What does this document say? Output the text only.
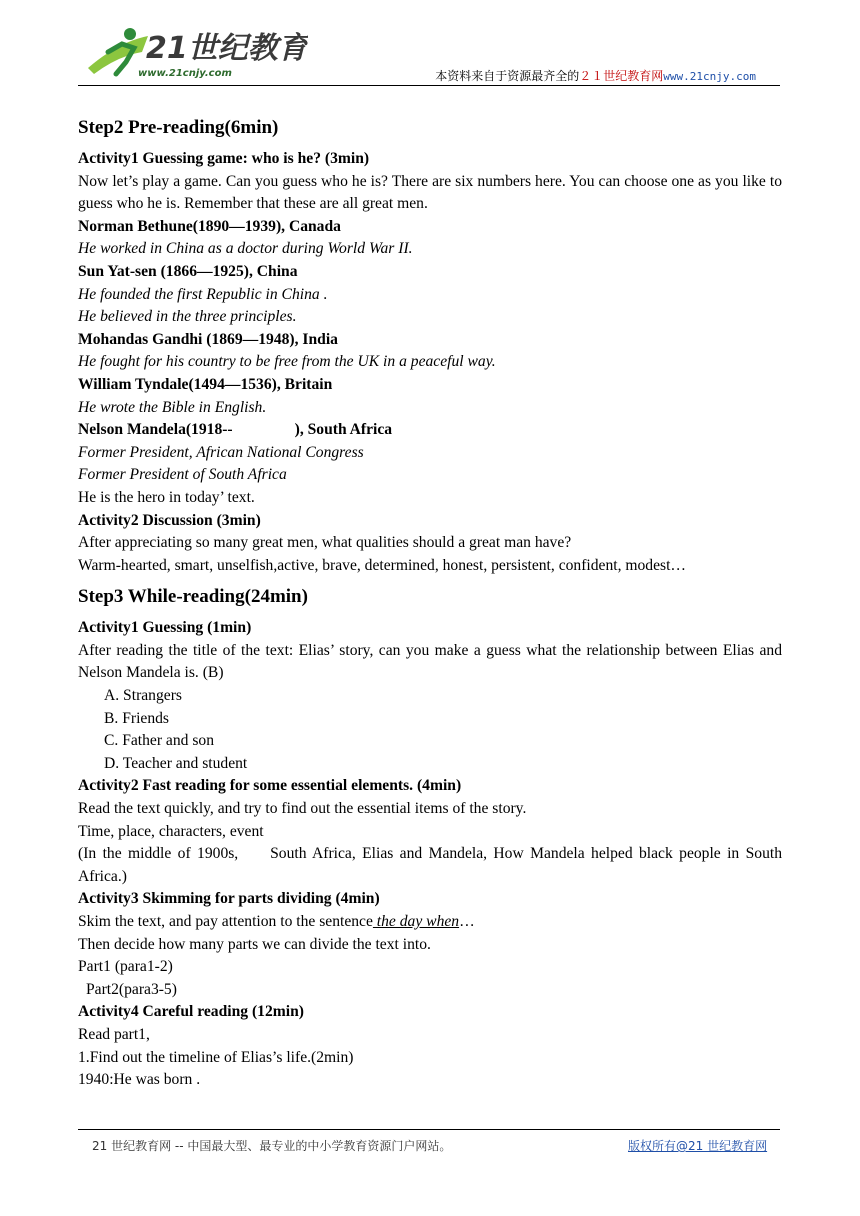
21世纪教育
www.21cnjy.com	本资料来自于资源最齐全的２１世纪教育网www.21cnjy.com
Step2 Pre-reading(6min)
Activity1 Guessing game: who is he? (3min)
Now let’s play a game. Can you guess who he is? There are six numbers here. You can choose one as you like to guess who he is. Remember that these are all great men.
Norman Bethune(1890—1939), Canada
He worked in China as a doctor during World War II.
Sun Yat-sen (1866—1925), China
He founded the first Republic in China .
He believed in the three principles.
Mohandas Gandhi (1869—1948), India
He fought for his country to be free from the UK in a peaceful way.
William Tyndale(1494—1536), Britain
He wrote the Bible in English.
Nelson Mandela(1918--	), South Africa
Former President, African National Congress
Former President of South Africa
He is the hero in today’ text.
Activity2 Discussion (3min)
After appreciating so many great men, what qualities should a great man have?
Warm-hearted, smart, unselfish,active, brave, determined, honest, persistent, confident, modest…
Step3 While-reading(24min)
Activity1 Guessing (1min)
After reading the title of the text: Elias’ story, can you make a guess what the relationship between Elias and Nelson Mandela is. (B)
A. Strangers
B. Friends
C. Father and son
D. Teacher and student
Activity2 Fast reading for some essential elements. (4min)
Read the text quickly, and try to find out the essential items of the story.
Time, place, characters, event
(In the middle of 1900s,     South Africa, Elias and Mandela, How Mandela helped black people in South Africa.)
Activity3 Skimming for parts dividing (4min)
Skim the text, and pay attention to the sentence the day when…
Then decide how many parts we can divide the text into.
Part1 (para1-2)
Part2(para3-5)
Activity4 Careful reading (12min)
Read part1,
1.Find out the timeline of Elias’s life.(2min)
1940:He was born .
21 世纪教育网 -- 中国最大型、最专业的中小学教育资源门户网站。	版权所有@21 世纪教育网
